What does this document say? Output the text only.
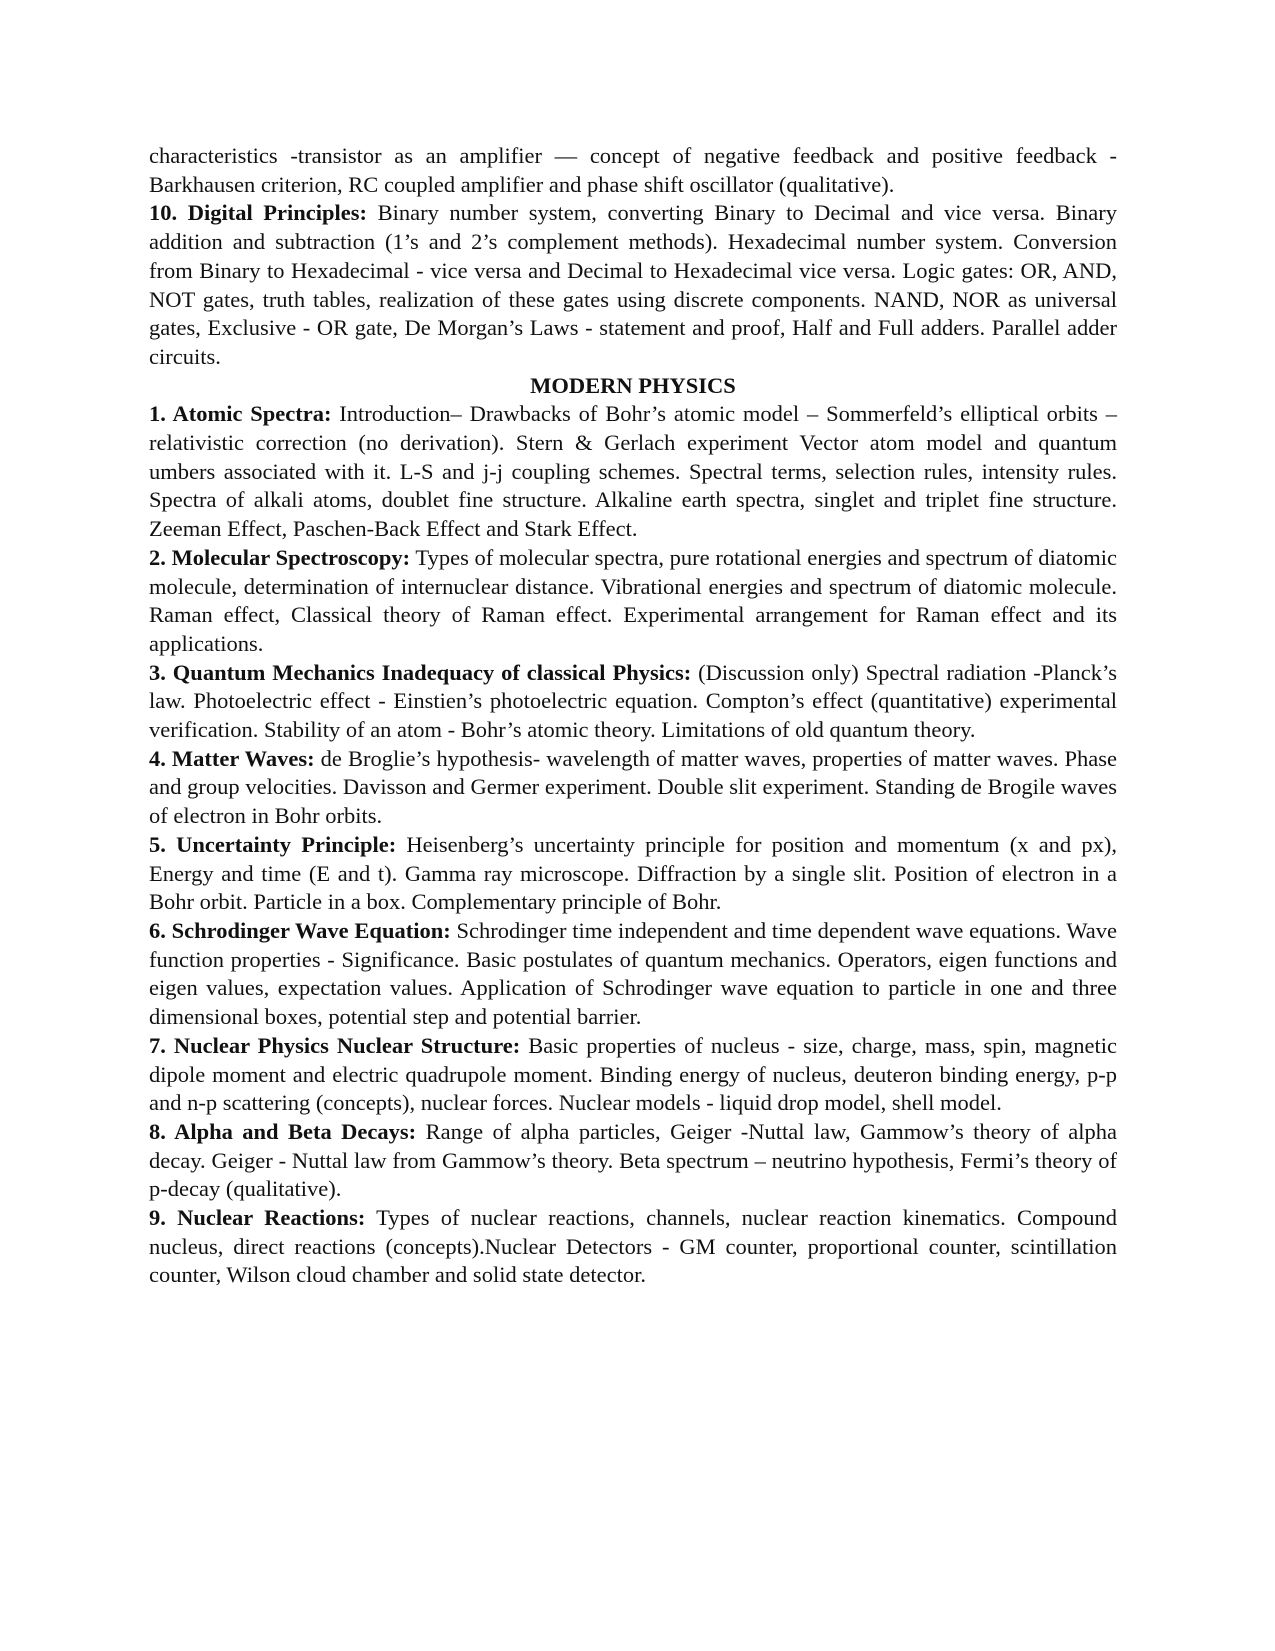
characteristics -transistor as an amplifier — concept of negative feedback and positive feedback -Barkhausen criterion, RC coupled amplifier and phase shift oscillator (qualitative).

10. Digital Principles: Binary number system, converting Binary to Decimal and vice versa. Binary addition and subtraction (1’s and 2’s complement methods). Hexadecimal number system. Conversion from Binary to Hexadecimal - vice versa and Decimal to Hexadecimal vice versa. Logic gates: OR, AND, NOT gates, truth tables, realization of these gates using discrete components. NAND, NOR as universal gates, Exclusive - OR gate, De Morgan’s Laws - statement and proof, Half and Full adders. Parallel adder circuits.

MODERN PHYSICS

1. Atomic Spectra: Introduction– Drawbacks of Bohr’s atomic model – Sommerfeld’s elliptical orbits –relativistic correction (no derivation). Stern & Gerlach experiment Vector atom model and quantum umbers associated with it. L-S and j-j coupling schemes. Spectral terms, selection rules, intensity rules. Spectra of alkali atoms, doublet fine structure. Alkaline earth spectra, singlet and triplet fine structure. Zeeman Effect, Paschen-Back Effect and Stark Effect.

2. Molecular Spectroscopy: Types of molecular spectra, pure rotational energies and spectrum of diatomic molecule, determination of internuclear distance. Vibrational energies and spectrum of diatomic molecule. Raman effect, Classical theory of Raman effect. Experimental arrangement for Raman effect and its applications.

3. Quantum Mechanics Inadequacy of classical Physics: (Discussion only) Spectral radiation -Planck’s law. Photoelectric effect - Einstien’s photoelectric equation. Compton’s effect (quantitative) experimental verification. Stability of an atom - Bohr’s atomic theory. Limitations of old quantum theory.

4. Matter Waves: de Broglie’s hypothesis- wavelength of matter waves, properties of matter waves. Phase and group velocities. Davisson and Germer experiment. Double slit experiment. Standing de Brogile waves of electron in Bohr orbits.

5. Uncertainty Principle: Heisenberg’s uncertainty principle for position and momentum (x and px), Energy and time (E and t). Gamma ray microscope. Diffraction by a single slit. Position of electron in a Bohr orbit. Particle in a box. Complementary principle of Bohr.

6. Schrodinger Wave Equation: Schrodinger time independent and time dependent wave equations. Wave function properties - Significance. Basic postulates of quantum mechanics. Operators, eigen functions and eigen values, expectation values. Application of Schrodinger wave equation to particle in one and three dimensional boxes, potential step and potential barrier.

7. Nuclear Physics Nuclear Structure: Basic properties of nucleus - size, charge, mass, spin, magnetic dipole moment and electric quadrupole moment. Binding energy of nucleus, deuteron binding energy, p-p and n-p scattering (concepts), nuclear forces. Nuclear models - liquid drop model, shell model.

8. Alpha and Beta Decays: Range of alpha particles, Geiger -Nuttal law, Gammow’s theory of alpha decay. Geiger - Nuttal law from Gammow’s theory. Beta spectrum – neutrino hypothesis, Fermi’s theory of p-decay (qualitative).

9. Nuclear Reactions: Types of nuclear reactions, channels, nuclear reaction kinematics. Compound nucleus, direct reactions (concepts).Nuclear Detectors - GM counter, proportional counter, scintillation counter, Wilson cloud chamber and solid state detector.
